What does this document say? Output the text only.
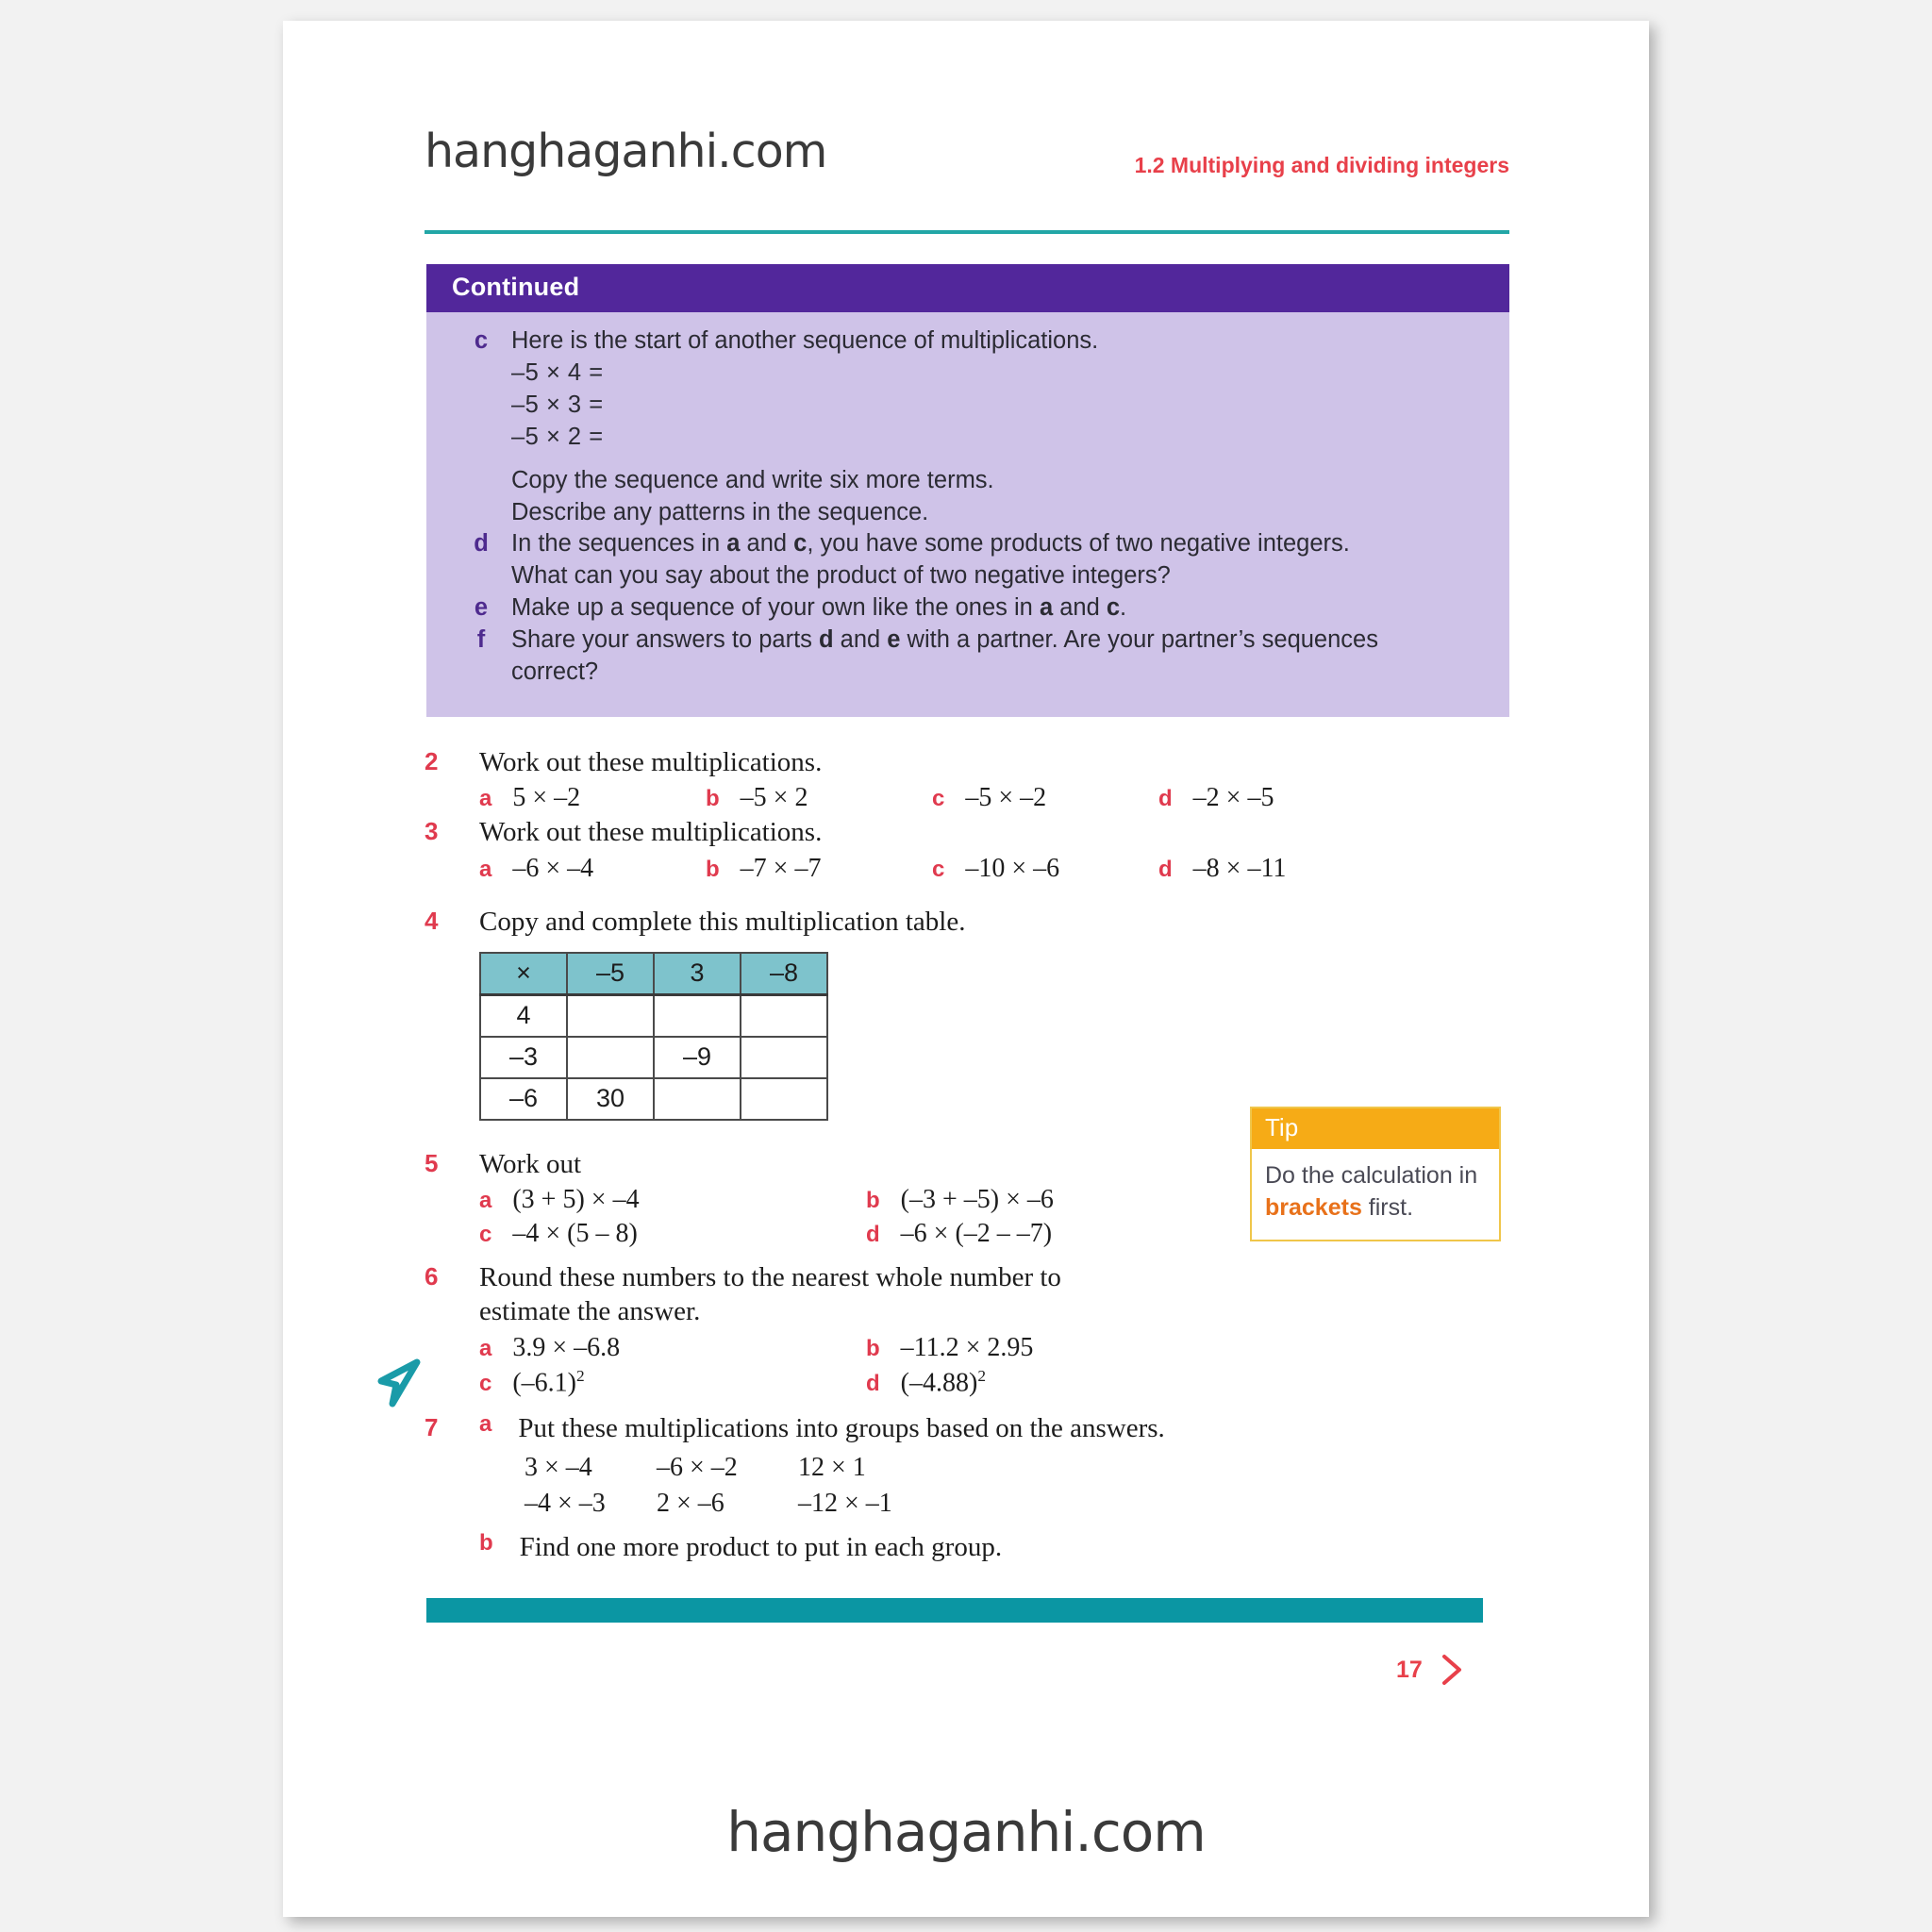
hanghaganhi.com	1.2 Multiplying and dividing integers
Continued
c Here is the start of another sequence of multiplications.
–5 × 4 =
–5 × 3 =
–5 × 2 =
Copy the sequence and write six more terms.
Describe any patterns in the sequence.
d In the sequences in a and c, you have some products of two negative integers.
What can you say about the product of two negative integers?
e Make up a sequence of your own like the ones in a and c.
f	Share your answers to parts d and e with a partner. Are your partner’s sequences
correct?
2	Work out these multiplications.
a 5 × –2	b –5 × 2	c –5 × –2	d –2 × –5
3	Work out these multiplications.
a –6 × –4	b –7 × –7	c –10 × –6	d –8 × –11
4	Copy and complete this multiplication table.
×	–5	3	–8
4			
–3		–9	
–6	30		
5	Work out
a (3 + 5) × –4	b (–3 + –5) × –6
c –4 × (5 – 8)	d –6 × (–2 – –7)
6	Round these numbers to the nearest whole number to estimate the answer.
a 3.9 × –6.8	b –11.2 × 2.95
c $(-6.1)^2$	d $(-4.88)^2$
7	a Put these multiplications into groups based on the answers.
3 × –4	–6 × –2	12 × 1
–4 × –3	2 × –6	–12 × –1
b Find one more product to put in each group.
Tip
Do the calculation in brackets first.
17
hanghaganhi.com
